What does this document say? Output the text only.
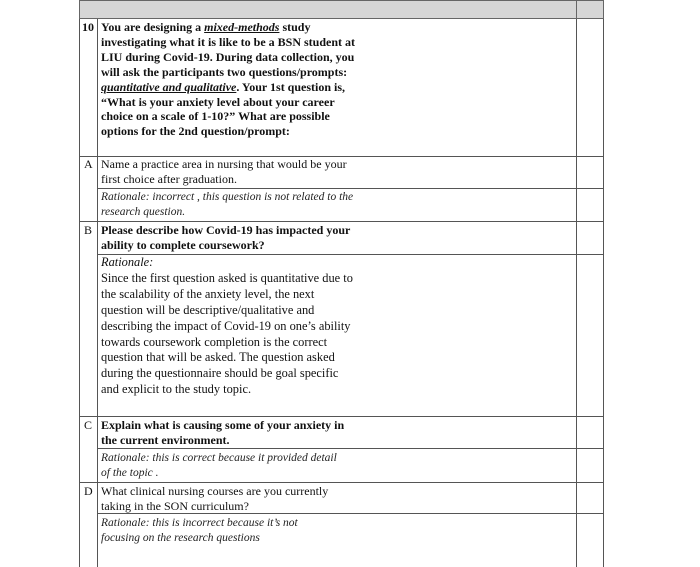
10 You are designing a mixed-methods study investigating what it is like to be a BSN student at LIU during Covid-19. During data collection, you will ask the participants two questions/prompts: quantitative and qualitative. Your 1st question is, “What is your anxiety level about your career choice on a scale of 1-10?” What are possible options for the 2nd question/prompt:
A Name a practice area in nursing that would be your first choice after graduation.
Rationale: incorrect , this question is not related to the research question.
B Please describe how Covid-19 has impacted your ability to complete coursework?
Rationale:
Since the first question asked is quantitative due to the scalability of the anxiety level, the next question will be descriptive/qualitative and describing the impact of Covid-19 on one’s ability towards coursework completion is the correct question that will be asked. The question asked during the questionnaire should be goal specific and explicit to the study topic.
C Explain what is causing some of your anxiety in the current environment.
Rationale: this is correct because it provided detail of the topic .
D What clinical nursing courses are you currently taking in the SON curriculum?
Rationale: this is incorrect because it’s not focusing on the research questions
